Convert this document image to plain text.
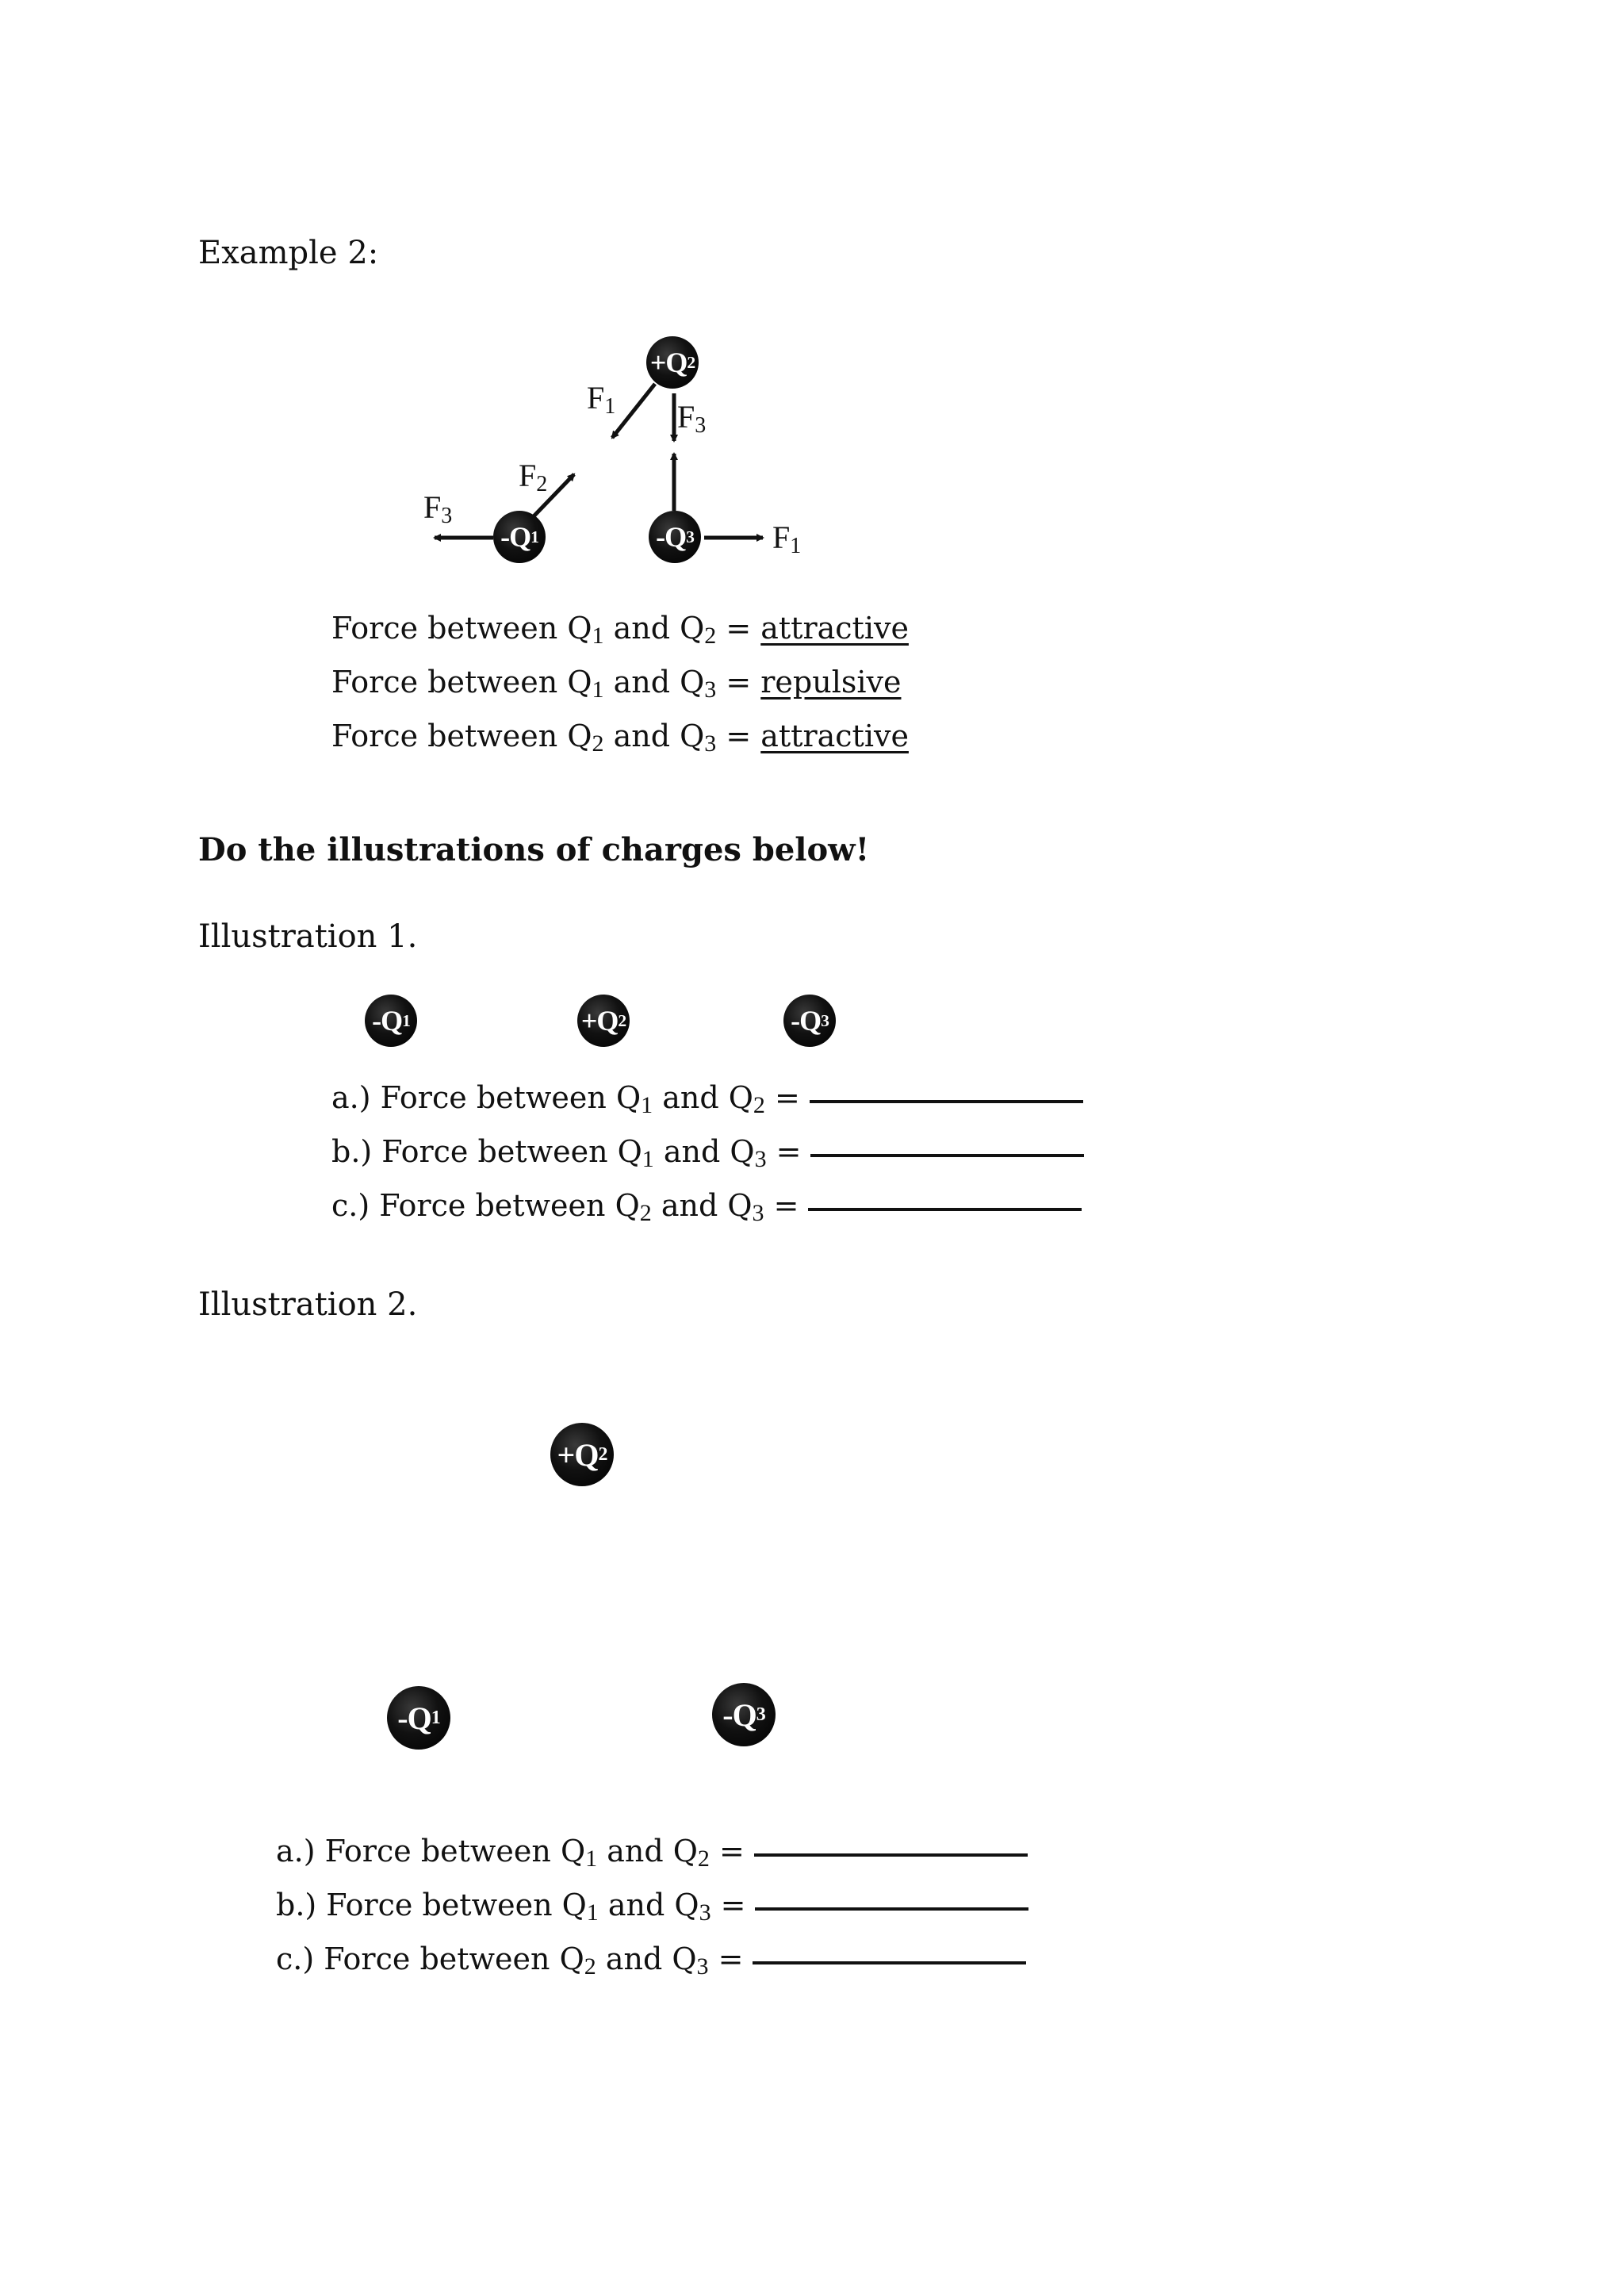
Example 2:
+Q 2
-Q 1	-Q 3
F1 F3
F2
F3
F1
Force between $Q_1$ and $Q_2$ = attractive
Force between $Q_1$ and $Q_3$ = repulsive
Force between $Q_2$ and $Q_3$ = attractive
Do the illustrations of charges below!
Illustration 1.
-Q 1	+Q 2	-Q 3
a.) Force between $Q_1$ and $Q_2$ =
b.) Force between $Q_1$ and $Q_3$ =
c.) Force between $Q_2$ and $Q_3$ =
Illustration 2.
+Q 2
-Q 1	-Q 3
a.) Force between $Q_1$ and $Q_2$ =
b.) Force between $Q_1$ and $Q_3$ =
c.) Force between $Q_2$ and $Q_3$ =
